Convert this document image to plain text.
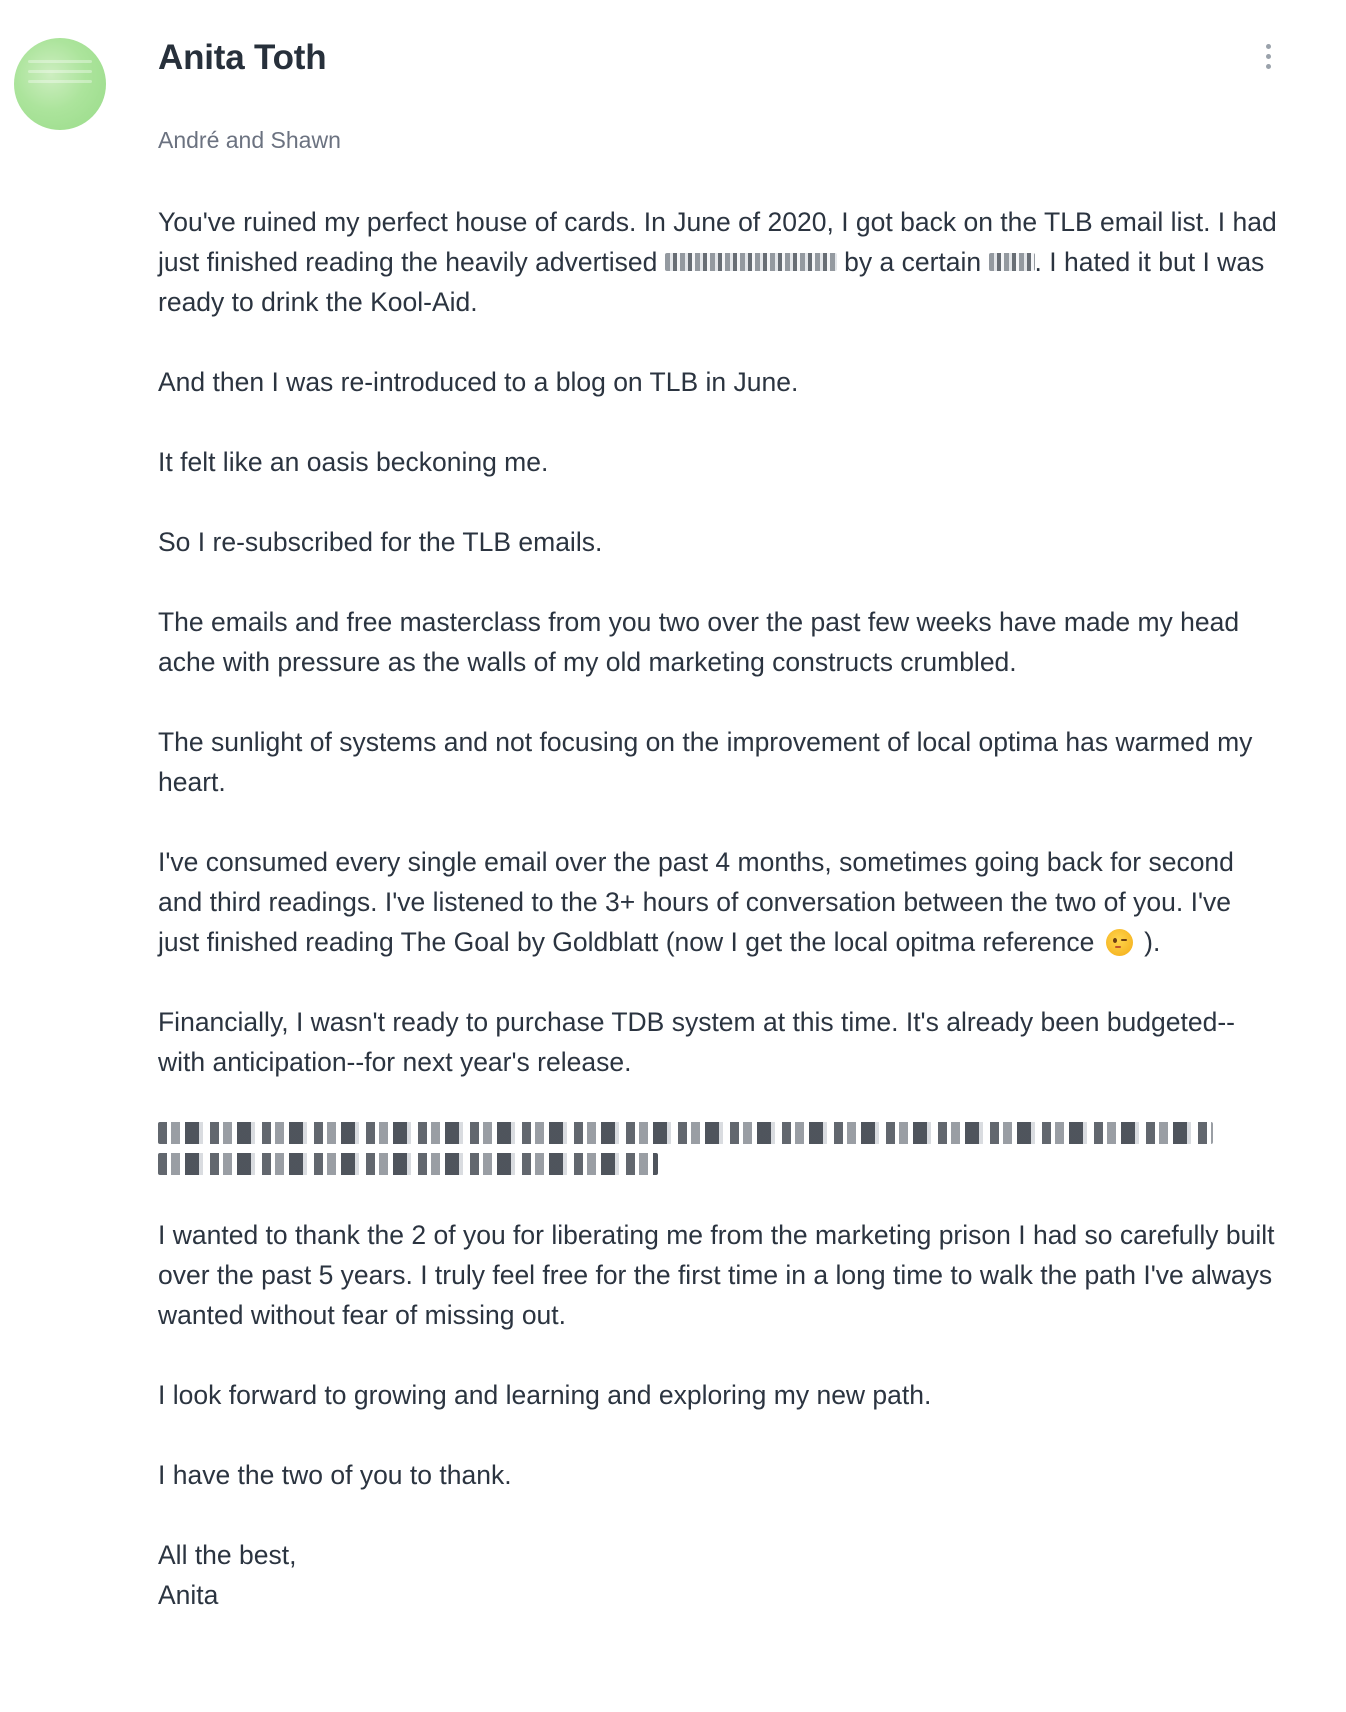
Anita Toth
André and Shawn

You've ruined my perfect house of cards. In June of 2020, I got back on the TLB email list. I had just finished reading the heavily advertised	by a certain . I hated it but I was ready to drink the Kool-Aid.

And then I was re-introduced to a blog on TLB in June.

It felt like an oasis beckoning me.

So I re-subscribed for the TLB emails.

The emails and free masterclass from you two over the past few weeks have made my head ache with pressure as the walls of my old marketing constructs crumbled.

The sunlight of systems and not focusing on the improvement of local optima has warmed my heart.

I've consumed every single email over the past 4 months, sometimes going back for second and third readings. I've listened to the 3+ hours of conversation between the two of you. I've just finished reading The Goal by Goldblatt (now I get the local opitma reference ).

Financially, I wasn't ready to purchase TDB system at this time. It's already been budgeted--with anticipation--for next year's release.

I wanted to thank the 2 of you for liberating me from the marketing prison I had so carefully built over the past 5 years. I truly feel free for the first time in a long time to walk the path I've always wanted without fear of missing out.

I look forward to growing and learning and exploring my new path.

I have the two of you to thank.

All the best,

Anita
